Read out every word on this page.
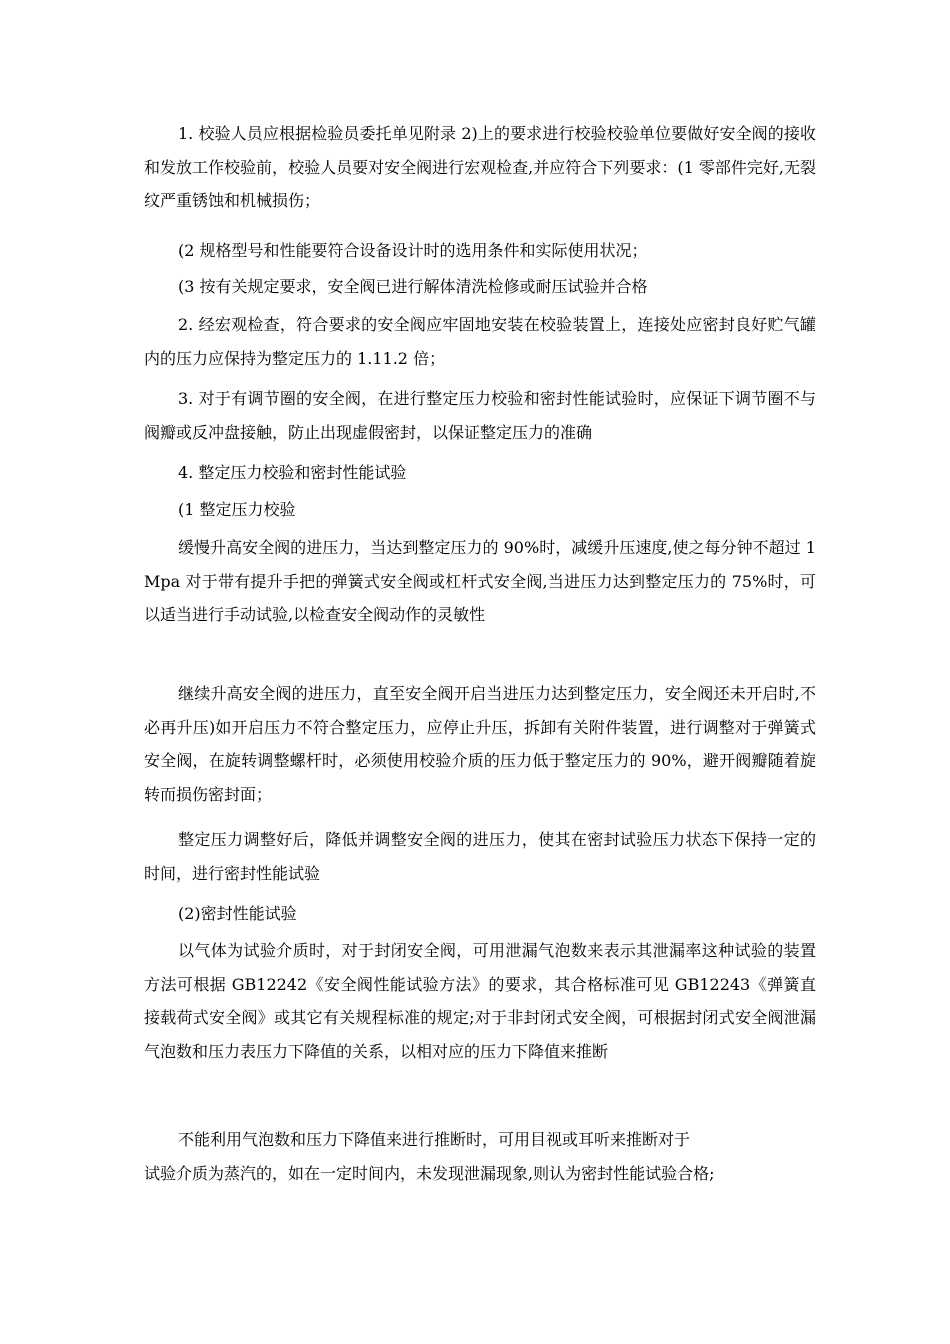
1. 校验人员应根据检验员委托单见附录 2)上的要求进行校验校验单位要做好安全阀的接收和发放工作校验前，校验人员要对安全阀进行宏观检查,并应符合下列要求：(1 零部件完好,无裂纹严重锈蚀和机械损伤；

(2 规格型号和性能要符合设备设计时的选用条件和实际使用状况；

(3 按有关规定要求，安全阀已进行解体清洗检修或耐压试验并合格

2. 经宏观检查，符合要求的安全阀应牢固地安装在校验装置上，连接处应密封良好贮气罐内的压力应保持为整定压力的 1.11.2 倍；

3. 对于有调节圈的安全阀，在进行整定压力校验和密封性能试验时，应保证下调节圈不与阀瓣或反冲盘接触，防止出现虚假密封，以保证整定压力的准确

4. 整定压力校验和密封性能试验

(1 整定压力校验

缓慢升高安全阀的进压力，当达到整定压力的 90%时，减缓升压速度,使之每分钟不超过 1Mpa 对于带有提升手把的弹簧式安全阀或杠杆式安全阀,当进压力达到整定压力的 75%时，可以适当进行手动试验,以检查安全阀动作的灵敏性

继续升高安全阀的进压力，直至安全阀开启当进压力达到整定压力，安全阀还未开启时,不必再升压)如开启压力不符合整定压力，应停止升压，拆卸有关附件装置，进行调整对于弹簧式安全阀，在旋转调整螺杆时，必须使用校验介质的压力低于整定压力的 90%，避开阀瓣随着旋转而损伤密封面；

整定压力调整好后，降低并调整安全阀的进压力，使其在密封试验压力状态下保持一定的时间，进行密封性能试验

(2)密封性能试验

以气体为试验介质时，对于封闭安全阀，可用泄漏气泡数来表示其泄漏率这种试验的装置方法可根据 GB12242《安全阀性能试验方法》的要求，其合格标准可见 GB12243《弹簧直接载荷式安全阀》或其它有关规程标准的规定;对于非封闭式安全阀，可根据封闭式安全阀泄漏气泡数和压力表压力下降值的关系，以相对应的压力下降值来推断

不能利用气泡数和压力下降值来进行推断时，可用目视或耳听来推断对于

试验介质为蒸汽的，如在一定时间内，未发现泄漏现象,则认为密封性能试验合格;
